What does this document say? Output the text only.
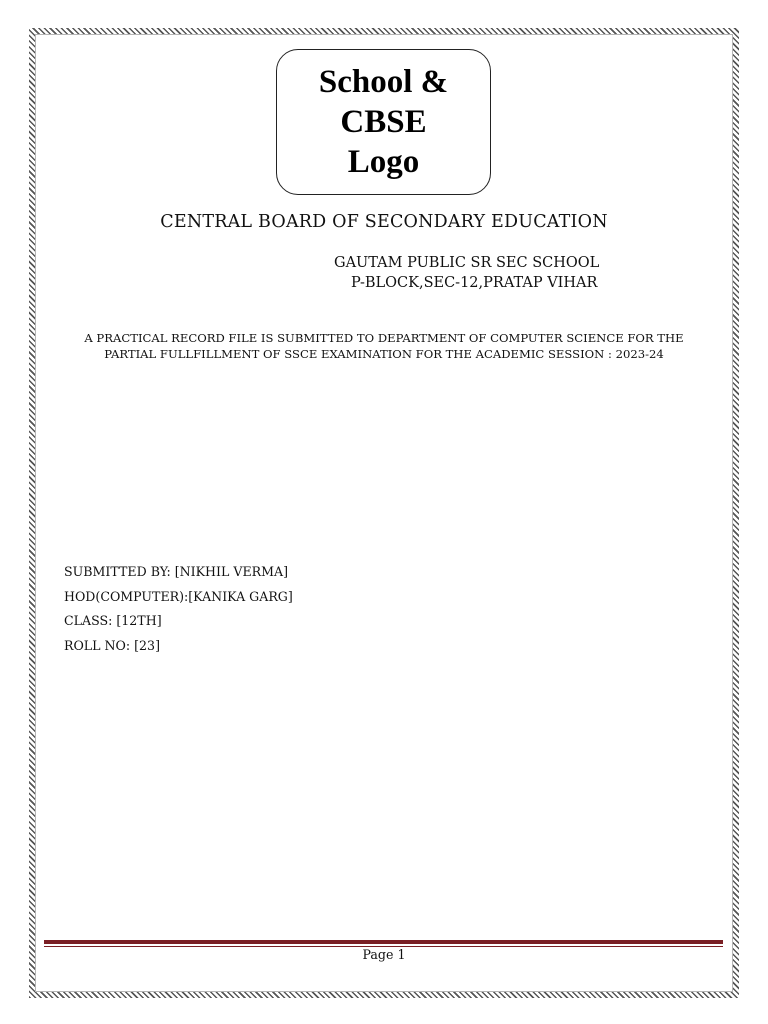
School &
CBSE
Logo
CENTRAL BOARD OF SECONDARY EDUCATION
GAUTAM PUBLIC SR SEC SCHOOL
P-BLOCK,SEC-12,PRATAP VIHAR
A PRACTICAL RECORD FILE IS SUBMITTED TO DEPARTMENT OF COMPUTER SCIENCE FOR THE
PARTIAL FULLFILLMENT OF SSCE EXAMINATION FOR THE ACADEMIC SESSION : 2023-24
SUBMITTED BY: [NIKHIL VERMA]
HOD(COMPUTER):[KANIKA GARG]
CLASS: [12TH]
ROLL NO: [23]
Page 1
